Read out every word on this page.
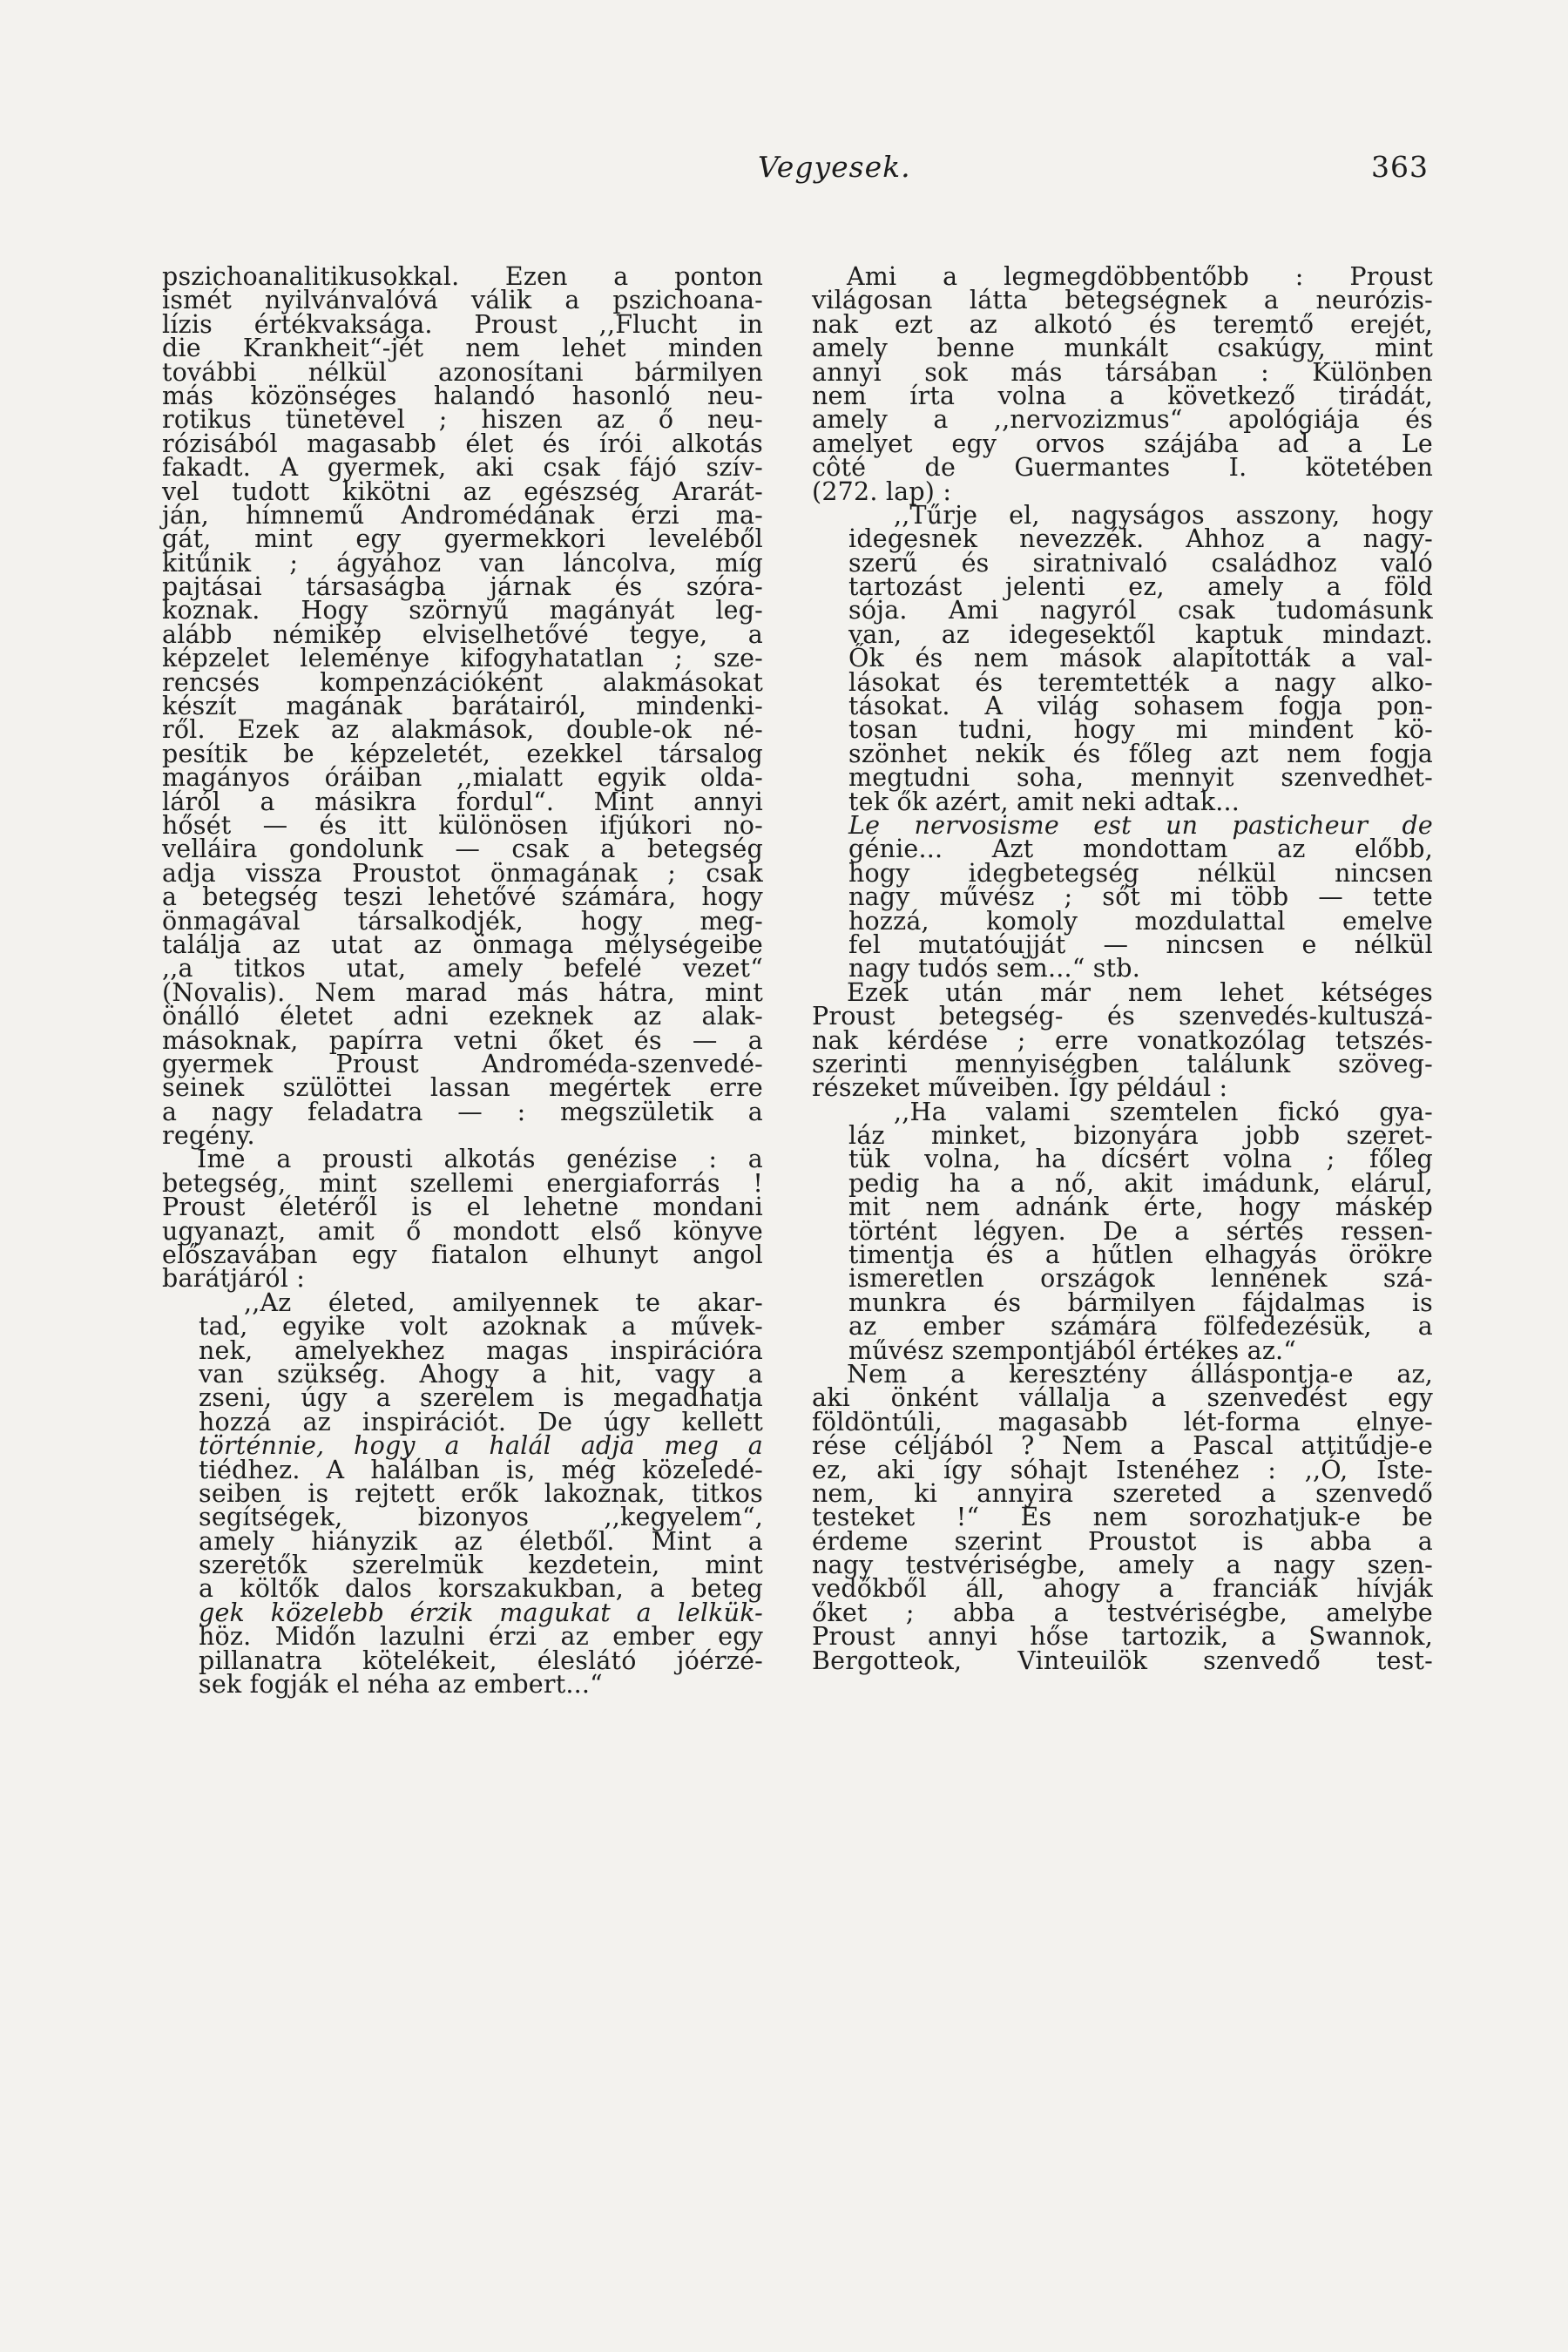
Vegyesek.	363
pszichoanalitikusokkal. Ezen a ponton
ismét nyilvánvalóvá válik a pszichoana-
lízis értékvaksága. Proust ,,Flucht in
die Krankheit“-jét nem lehet minden
további nélkül azonosítani bármilyen
más közönséges halandó hasonló neu-
rotikus tünetével ; hiszen az ő neu-
rózisából magasabb élet és írói alkotás
fakadt. A gyermek, aki csak fájó szív-
vel tudott kikötni az egészség Ararát-
ján, hímnemű Andromédának érzi ma-
gát, mint egy gyermekkori leveléből
kitűnik ; ágyához van láncolva, míg
pajtásai társaságba járnak és szóra-
koznak. Hogy szörnyű magányát leg-
alább némikép elviselhetővé tegye, a
képzelet leleménye kifogyhatatlan ; sze-
rencsés kompenzációként alakmásokat
készít magának barátairól, mindenki-
ről. Ezek az alakmások, double-ok né-
pesítik be képzeletét, ezekkel társalog
magányos óráiban ,,mialatt egyik olda-
láról a másikra fordul“. Mint annyi
hősét — és itt különösen ifjúkori no-
velláira gondolunk — csak a betegség
adja vissza Proustot önmagának ; csak
a betegség teszi lehetővé számára, hogy
önmagával társalkodjék, hogy meg-
találja az utat az önmaga mélységeibe
,,a titkos utat, amely befelé vezet“
(Novalis). Nem marad más hátra, mint
önálló életet adni ezeknek az alak-
másoknak, papírra vetni őket és — a
gyermek Proust Androméda-szenvedé-
seinek szülöttei lassan megértek erre
a nagy feladatra — : megszületik a
regény.
Íme a prousti alkotás genézise : a
betegség, mint szellemi energiaforrás !
Proust életéről is el lehetne mondani
ugyanazt, amit ő mondott első könyve
előszavában egy fiatalon elhunyt angol
barátjáról :
,,Az életed, amilyennek te akar-
tad, egyike volt azoknak a művek-
nek, amelyekhez magas inspirációra
van szükség. Ahogy a hit, vagy a
zseni, úgy a szerelem is megadhatja
hozzá az inspirációt. De úgy kellett
történnie, hogy a halál adja meg a
tiédhez. A halálban is, még közeledé-
seiben is rejtett erők lakoznak, titkos
segítségek, bizonyos ,,kegyelem“,
amely hiányzik az életből. Mint a
szeretők szerelmük kezdetein, mint
a költők dalos korszakukban, a beteg
gek közelebb érzik magukat a lelkük-
höz. Midőn lazulni érzi az ember egy
pillanatra kötelékeit, éleslátó jóérzé-
sek fogják el néha az embert...“
Ami a legmegdöbbentőbb : Proust
világosan látta betegségnek a neurózis-
nak ezt az alkotó és teremtő erejét,
amely benne munkált csakúgy, mint
annyi sok más társában : Különben
nem írta volna a következő tirádát,
amely a ,,nervozizmus“ apológiája és
amelyet egy orvos szájába ad a Le
côté de Guermantes I. kötetében
(272. lap) :
,,Tűrje el, nagyságos asszony, hogy
idegesnek nevezzék. Ahhoz a nagy-
szerű és siratnivaló családhoz való
tartozást jelenti ez, amely a föld
sója. Ami nagyról csak tudomásunk
van, az idegesektől kaptuk mindazt.
Ők és nem mások alapították a val-
lásokat és teremtették a nagy alko-
tásokat. A világ sohasem fogja pon-
tosan tudni, hogy mi mindent kö-
szönhet nekik és főleg azt nem fogja
megtudni soha, mennyit szenvedhet-
tek ők azért, amit neki adtak...
Le nervosisme est un pasticheur de
génie... Azt mondottam az előbb,
hogy idegbetegség nélkül nincsen
nagy művész ; sőt mi több — tette
hozzá, komoly mozdulattal emelve
fel mutatóujját — nincsen e nélkül
nagy tudós sem...“ stb.
Ezek után már nem lehet kétséges
Proust betegség- és szenvedés-kultuszá-
nak kérdése ; erre vonatkozólag tetszés-
szerinti mennyiségben találunk szöveg-
részeket műveiben. Így például :
,,Ha valami szemtelen fickó gya-
láz minket, bizonyára jobb szeret-
tük volna, ha dícsért volna ; főleg
pedig ha a nő, akit imádunk, elárul,
mit nem adnánk érte, hogy máskép
történt légyen. De a sértés ressen-
timentja és a hűtlen elhagyás örökre
ismeretlen országok lennének szá-
munkra és bármilyen fájdalmas is
az ember számára fölfedezésük, a
művész szempontjából értékes az.“
Nem a keresztény álláspontja-e az,
aki önként vállalja a szenvedést egy
földöntúli, magasabb lét-forma elnye-
rése céljából ? Nem a Pascal attitűdje-e
ez, aki így sóhajt Istenéhez : ,,Ó, Iste-
nem, ki annyira szereted a szenvedő
testeket !“ És nem sorozhatjuk-e be
érdeme szerint Proustot is abba a
nagy testvériségbe, amely a nagy szen-
vedőkből áll, ahogy a franciák hívják
őket ; abba a testvériségbe, amelybe
Proust annyi hőse tartozik, a Swannok,
Bergotteok, Vinteuilök szenvedő test-
